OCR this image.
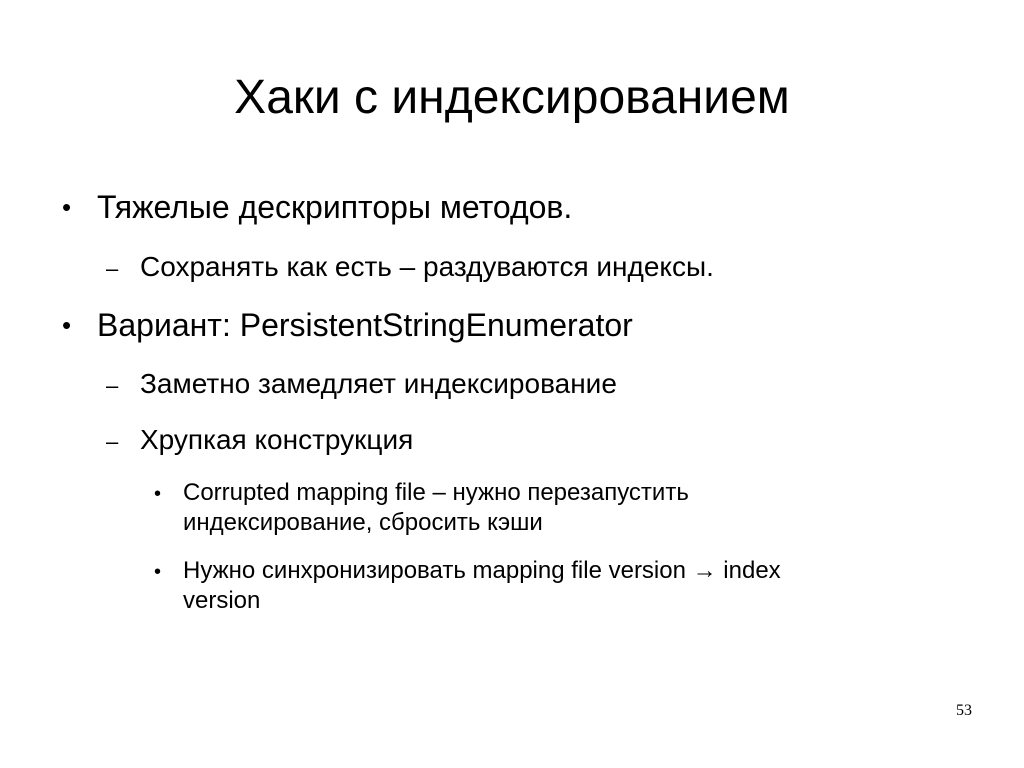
Хаки с индексированием
• Тяжелые дескрипторы методов.
– Сохранять как есть – раздуваются индексы.
• Вариант: PersistentStringEnumerator
– Заметно замедляет индексирование
– Хрупкая конструкция
• Corrupted mapping file – нужно перезапустить
индексирование, сбросить кэши
• Нужно синхронизировать mapping file version → index
version
53
